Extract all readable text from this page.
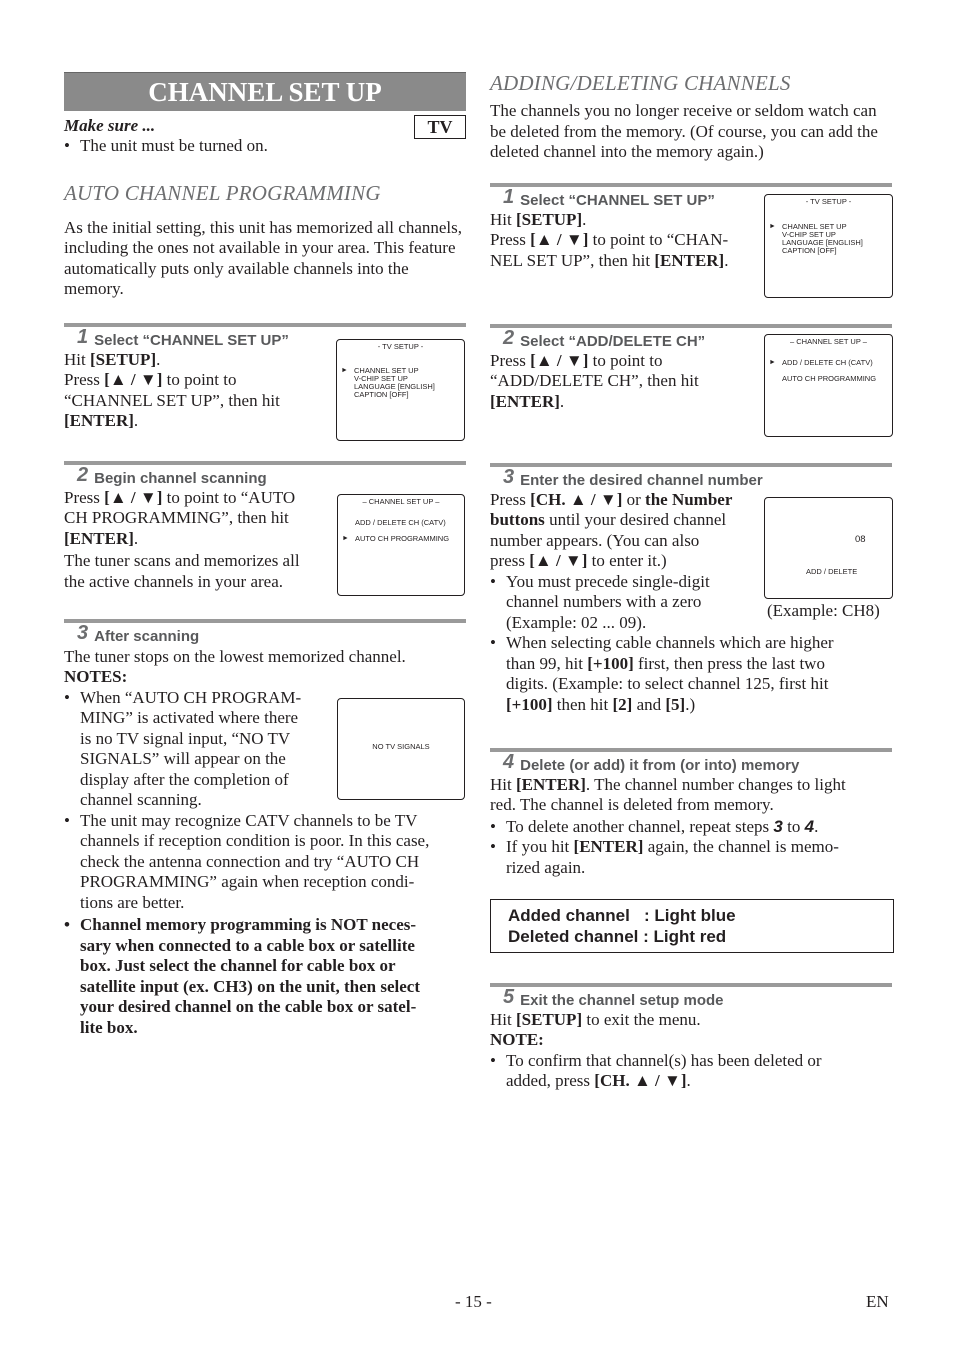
CHANNEL SET UP
Make sure ...	TV
• The unit must be turned on.
AUTO CHANNEL PROGRAMMING
As the initial setting, this unit has memorized all channels, including the ones not available in your area. This feature automatically puts only available channels into the memory.
1 Select “CHANNEL SET UP”
Hit [SETUP].
Press [▲ / ▼] to point to
“CHANNEL SET UP”, then hit
[ENTER].
- TV SETUP -
► CHANNEL SET UP
V-CHIP SET UP
LANGUAGE [ENGLISH]
CAPTION [OFF]
2 Begin channel scanning
Press [▲ / ▼] to point to “AUTO
CH PROGRAMMING”, then hit
[ENTER].
The tuner scans and memorizes all
the active channels in your area.
– CHANNEL SET UP –
ADD / DELETE CH (CATV)
► AUTO CH PROGRAMMING
3 After scanning
The tuner stops on the lowest memorized channel.
NOTES:
• When “AUTO CH PROGRAM-
MING” is activated where there
is no TV signal input, “NO TV
SIGNALS” will appear on the
display after the completion of
channel scanning.
• The unit may recognize CATV channels to be TV
channels if reception condition is poor. In this case,
check the antenna connection and try “AUTO CH
PROGRAMMING” again when reception condi-
tions are better.
• Channel memory programming is NOT neces-
sary when connected to a cable box or satellite
box. Just select the channel for cable box or
satellite input (ex. CH3) on the unit, then select
your desired channel on the cable box or satel-
lite box.
NO TV SIGNALS
ADDING/DELETING CHANNELS
The channels you no longer receive or seldom watch can be deleted from the memory. (Of course, you can add the deleted channel into the memory again.)
1 Select “CHANNEL SET UP”
Hit [SETUP].
Press [▲ / ▼] to point to “CHAN-
NEL SET UP”, then hit [ENTER].
- TV SETUP -
► CHANNEL SET UP
V-CHIP SET UP
LANGUAGE [ENGLISH]
CAPTION [OFF]
2 Select “ADD/DELETE CH”
Press [▲ / ▼] to point to
“ADD/DELETE CH”, then hit
[ENTER].
– CHANNEL SET UP –
► ADD / DELETE CH (CATV)
AUTO CH PROGRAMMING
3 Enter the desired channel number
Press [CH. ▲ / ▼] or the Number
buttons until your desired channel
number appears. (You can also
press [▲ / ▼] to enter it.)
• You must precede single-digit
channel numbers with a zero
(Example: 02 ... 09).
• When selecting cable channels which are higher
than 99, hit [+100] first, then press the last two
digits. (Example: to select channel 125, first hit
[+100] then hit [2] and [5].)
08
ADD / DELETE
(Example: CH8)
4 Delete (or add) it from (or into) memory
Hit [ENTER]. The channel number changes to light
red. The channel is deleted from memory.
• To delete another channel, repeat steps 3 to 4.
• If you hit [ENTER] again, the channel is memo-
rized again.
Added channel   : Light blue
Deleted channel : Light red
5 Exit the channel setup mode
Hit [SETUP] to exit the menu.
NOTE:
• To confirm that channel(s) has been deleted or
added, press [CH. ▲ / ▼].
- 15 -	EN
